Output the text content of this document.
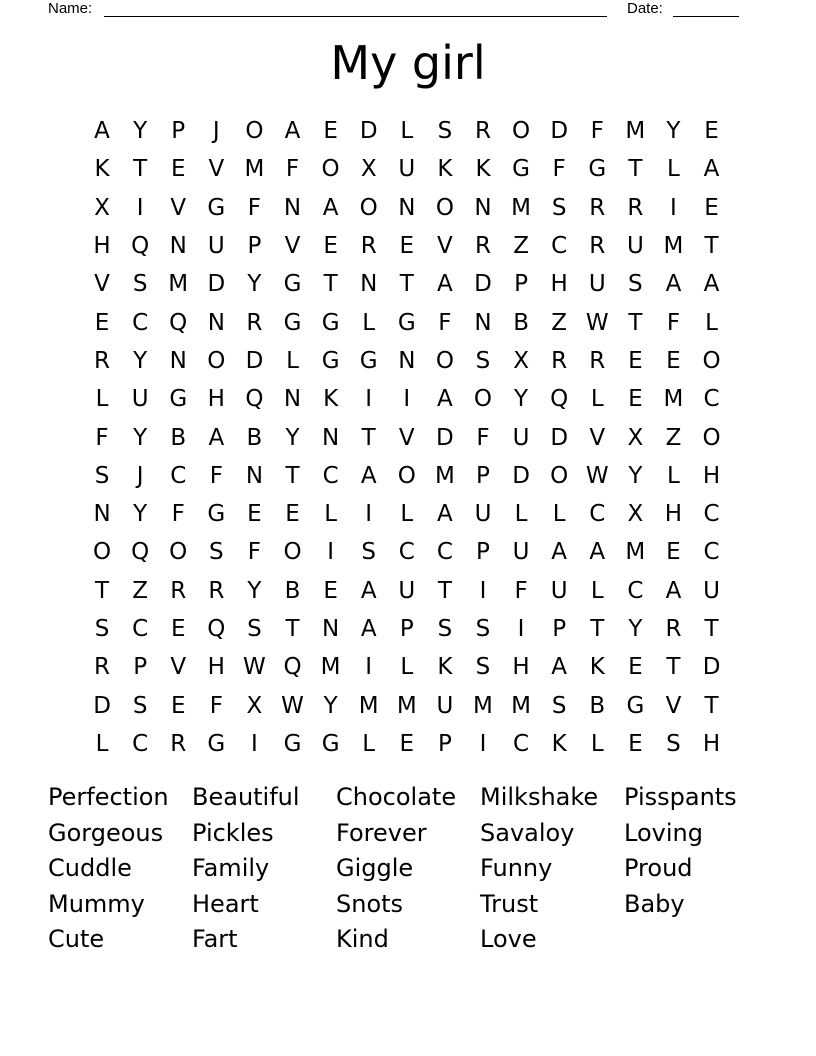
Name:	Date:
My girl
A	Y	P	J	O A E D L	S R O D F M Y	E
K	T	E V M F O X U K	K G F G T	L	A
X	I	V G F N A O N O N M S R R	I	E
H Q N U P	V E R E V R Z C R U M T
V S M D Y G T N T	A D P H U S A A
E C Q N R G G L G F N B Z W T	F	L
R	Y N O D L G G N O S X R R E	E O
L	U G H Q N K	I	I	A O Y Q L	E M C
F	Y	B A B	Y N T	V D F	U D V X Z O
S	J	C	F N T	C A O M P D O W Y	L	H
N Y	F G E	E	L	I	L	A U	L	L	C X H C
O Q O S	F O	I	S C C	P U A A M E C
T	Z R R	Y	B E A U T	I	F	U	L	C A U
S C E Q S	T N A	P	S	S	I	P	T	Y	R	T
R	P	V H W Q M	I	L	K	S H A K	E	T D
D S	E	F	X W Y M M U M M S B G V	T
L	C R G	I	G G L	E	P	I	C K	L	E	S H
Perfection Beautiful	Chocolate Milkshake	Pisspants
Gorgeous	Pickles	Forever	Savaloy	Loving
Cuddle	Family	Giggle	Funny	Proud
Mummy	Heart	Snots	Trust	Baby
Cute	Fart	Kind	Love
